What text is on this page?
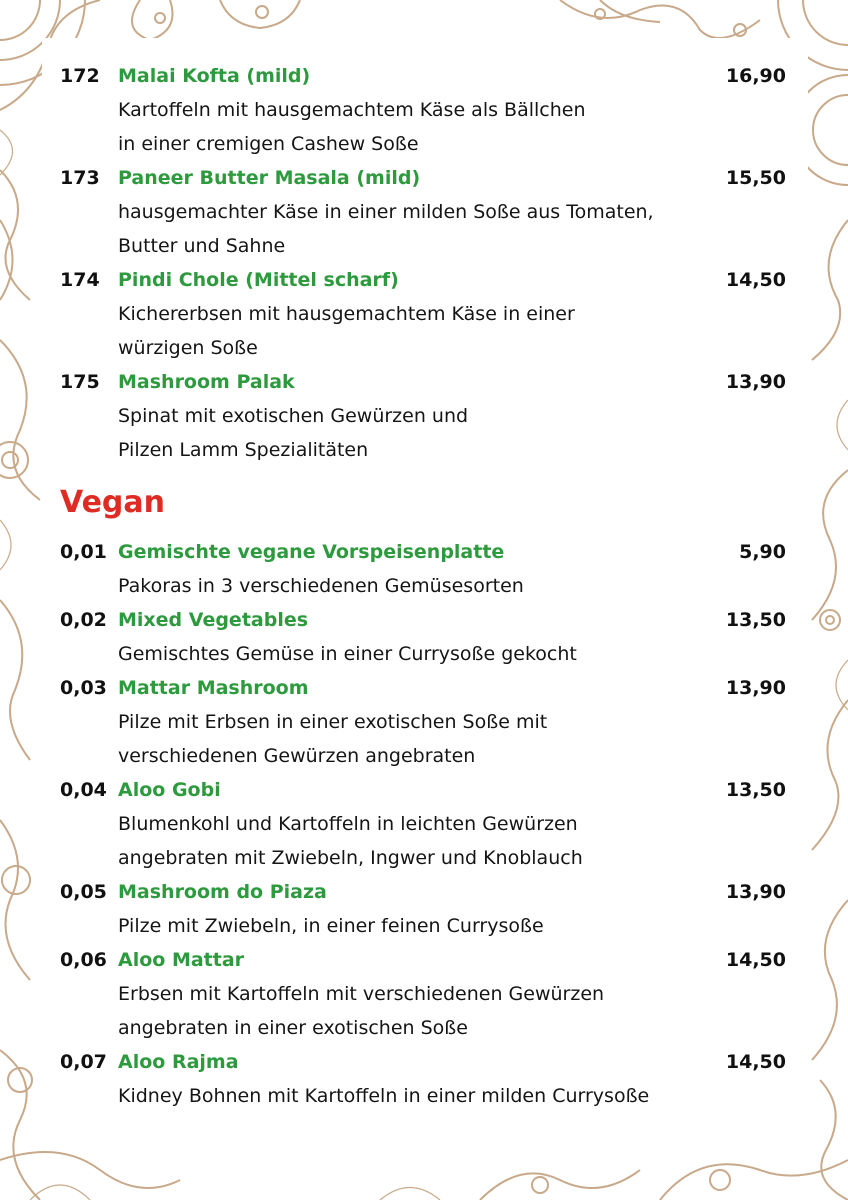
172 Malai Kofta (mild)	16,90
Kartoffeln mit hausgemachtem Käse als Bällchen
in einer cremigen Cashew Soße
173 Paneer Butter Masala (mild)	15,50
hausgemachter Käse in einer milden Soße aus Tomaten,
Butter und Sahne
174 Pindi Chole (Mittel scharf)	14,50
Kichererbsen mit hausgemachtem Käse in einer
würzigen Soße
175 Mashroom Palak	13,90
Spinat mit exotischen Gewürzen und
Pilzen Lamm Spezialitäten
Vegan
0,01 Gemischte vegane Vorspeisenplatte	5,90
Pakoras in 3 verschiedenen Gemüsesorten
0,02 Mixed Vegetables	13,50
Gemischtes Gemüse in einer Currysoße gekocht
0,03 Mattar Mashroom	13,90
Pilze mit Erbsen in einer exotischen Soße mit
verschiedenen Gewürzen angebraten
0,04 Aloo Gobi	13,50
Blumenkohl und Kartoffeln in leichten Gewürzen
angebraten mit Zwiebeln, Ingwer und Knoblauch
0,05 Mashroom do Piaza	13,90
Pilze mit Zwiebeln, in einer feinen Currysoße
0,06 Aloo Mattar	14,50
Erbsen mit Kartoffeln mit verschiedenen Gewürzen
angebraten in einer exotischen Soße
0,07 Aloo Rajma	14,50
Kidney Bohnen mit Kartoffeln in einer milden Currysoße
